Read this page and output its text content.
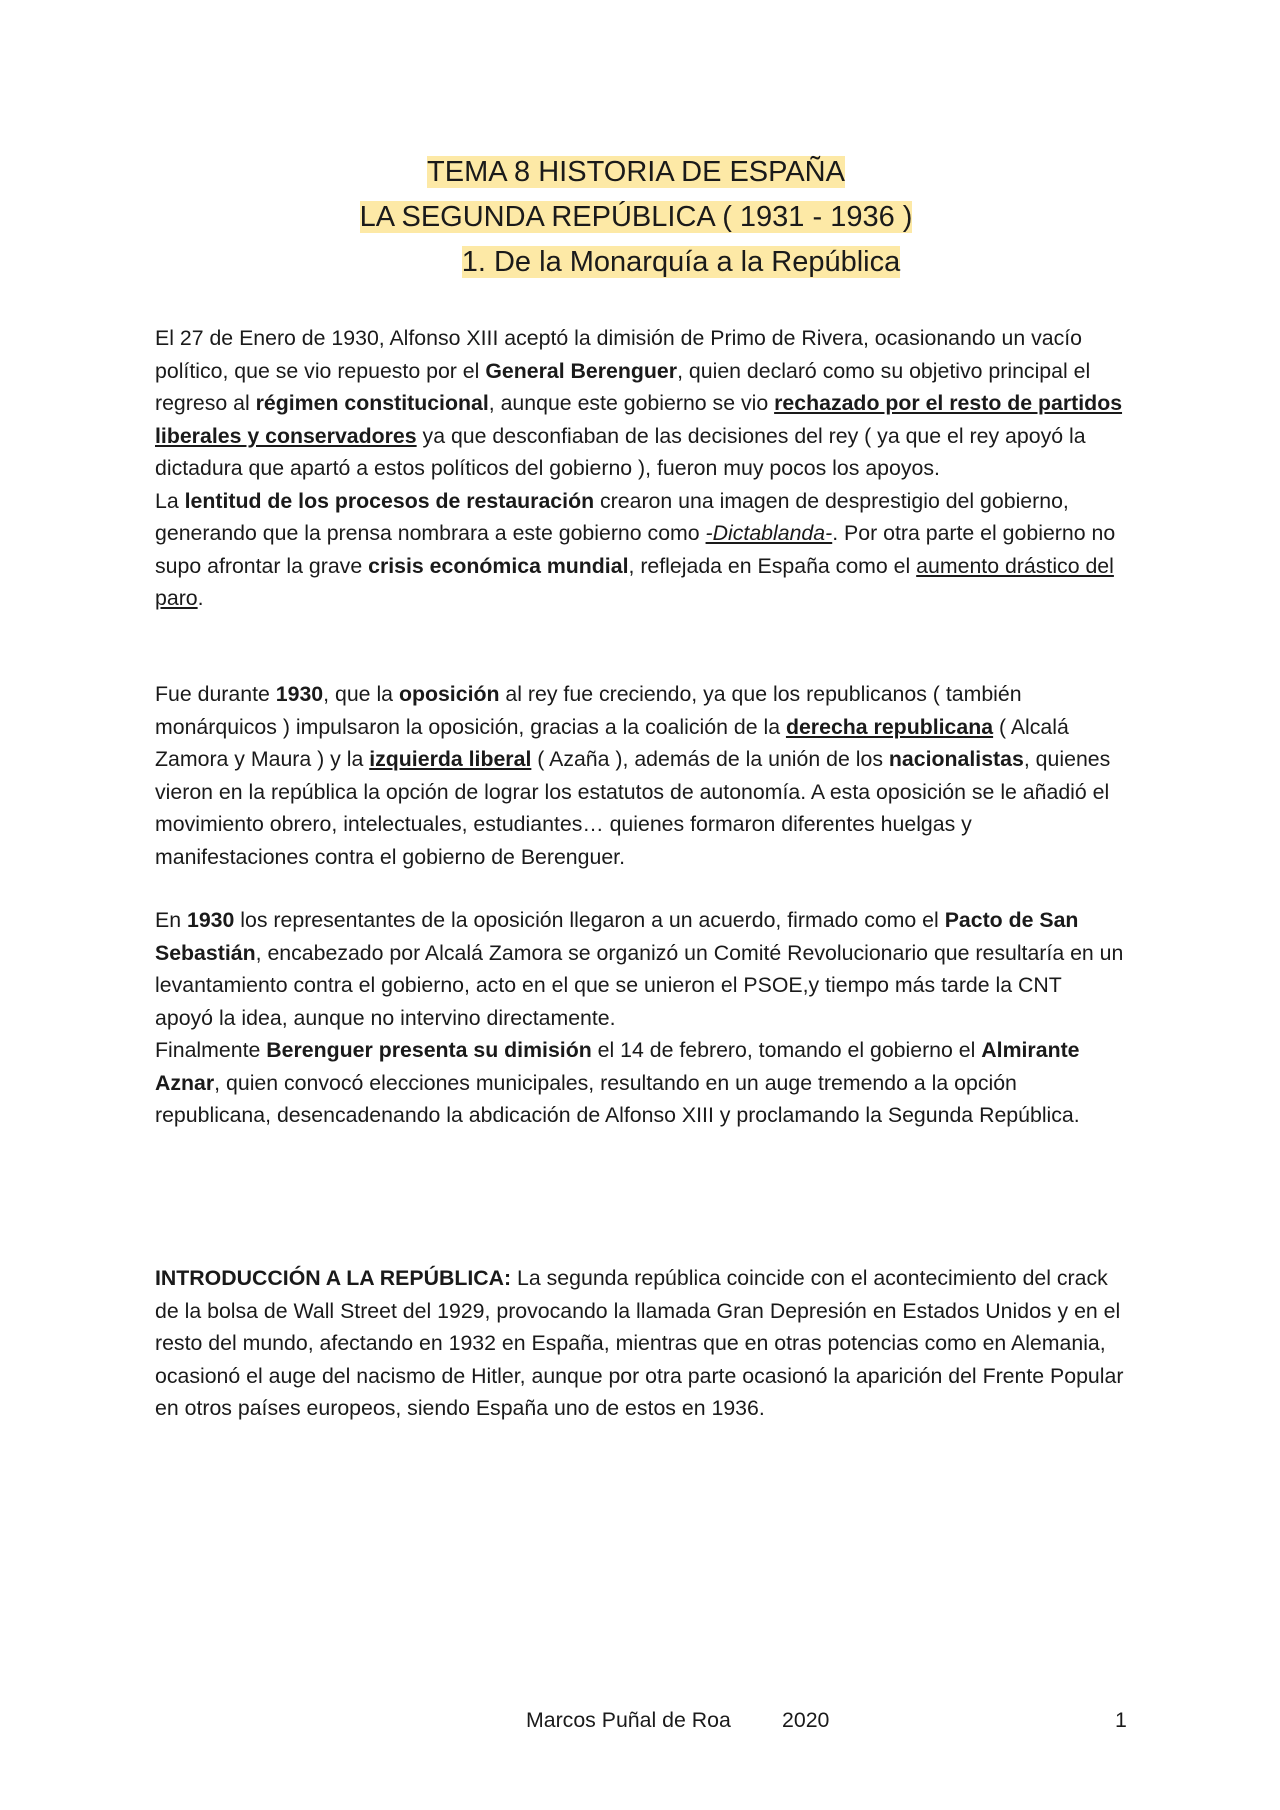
TEMA 8 HISTORIA DE ESPAÑA
LA SEGUNDA REPÚBLICA ( 1931 - 1936 )
1. De la Monarquía a la República

El 27 de Enero de 1930, Alfonso XIII aceptó la dimisión de Primo de Rivera, ocasionando un vacío político, que se vio repuesto por el General Berenguer, quien declaró como su objetivo principal el regreso al régimen constitucional, aunque este gobierno se vio rechazado por el resto de partidos liberales y conservadores ya que desconfiaban de las decisiones del rey ( ya que el rey apoyó la dictadura que apartó a estos políticos del gobierno ), fueron muy pocos los apoyos.

La lentitud de los procesos de restauración crearon una imagen de desprestigio del gobierno, generando que la prensa nombrara a este gobierno como -Dictablanda-. Por otra parte el gobierno no supo afrontar la grave crisis económica mundial, reflejada en España como el aumento drástico del paro.

Fue durante 1930, que la oposición al rey fue creciendo, ya que los republicanos ( también monárquicos ) impulsaron la oposición, gracias a la coalición de la derecha republicana ( Alcalá Zamora y Maura ) y la izquierda liberal ( Azaña ), además de la unión de los nacionalistas, quienes vieron en la república la opción de lograr los estatutos de autonomía. A esta oposición se le añadió el movimiento obrero, intelectuales, estudiantes… quienes formaron diferentes huelgas y manifestaciones contra el gobierno de Berenguer.

En 1930 los representantes de la oposición llegaron a un acuerdo, firmado como el Pacto de San Sebastián, encabezado por Alcalá Zamora se organizó un Comité Revolucionario que resultaría en un levantamiento contra el gobierno, acto en el que se unieron el PSOE,y tiempo más tarde la CNT apoyó la idea, aunque no intervino directamente.

Finalmente Berenguer presenta su dimisión el 14 de febrero, tomando el gobierno el Almirante Aznar, quien convocó elecciones municipales, resultando en un auge tremendo a la opción republicana, desencadenando la abdicación de Alfonso XIII y proclamando la Segunda República.

INTRODUCCIÓN A LA REPÚBLICA: La segunda república coincide con el acontecimiento del crack de la bolsa de Wall Street del 1929, provocando la llamada Gran Depresión en Estados Unidos y en el resto del mundo, afectando en 1932 en España, mientras que en otras potencias como en Alemania, ocasionó el auge del nacismo de Hitler, aunque por otra parte ocasionó la aparición del Frente Popular en otros países europeos, siendo España uno de estos en 1936.

Marcos Puñal de Roa 2020	1
